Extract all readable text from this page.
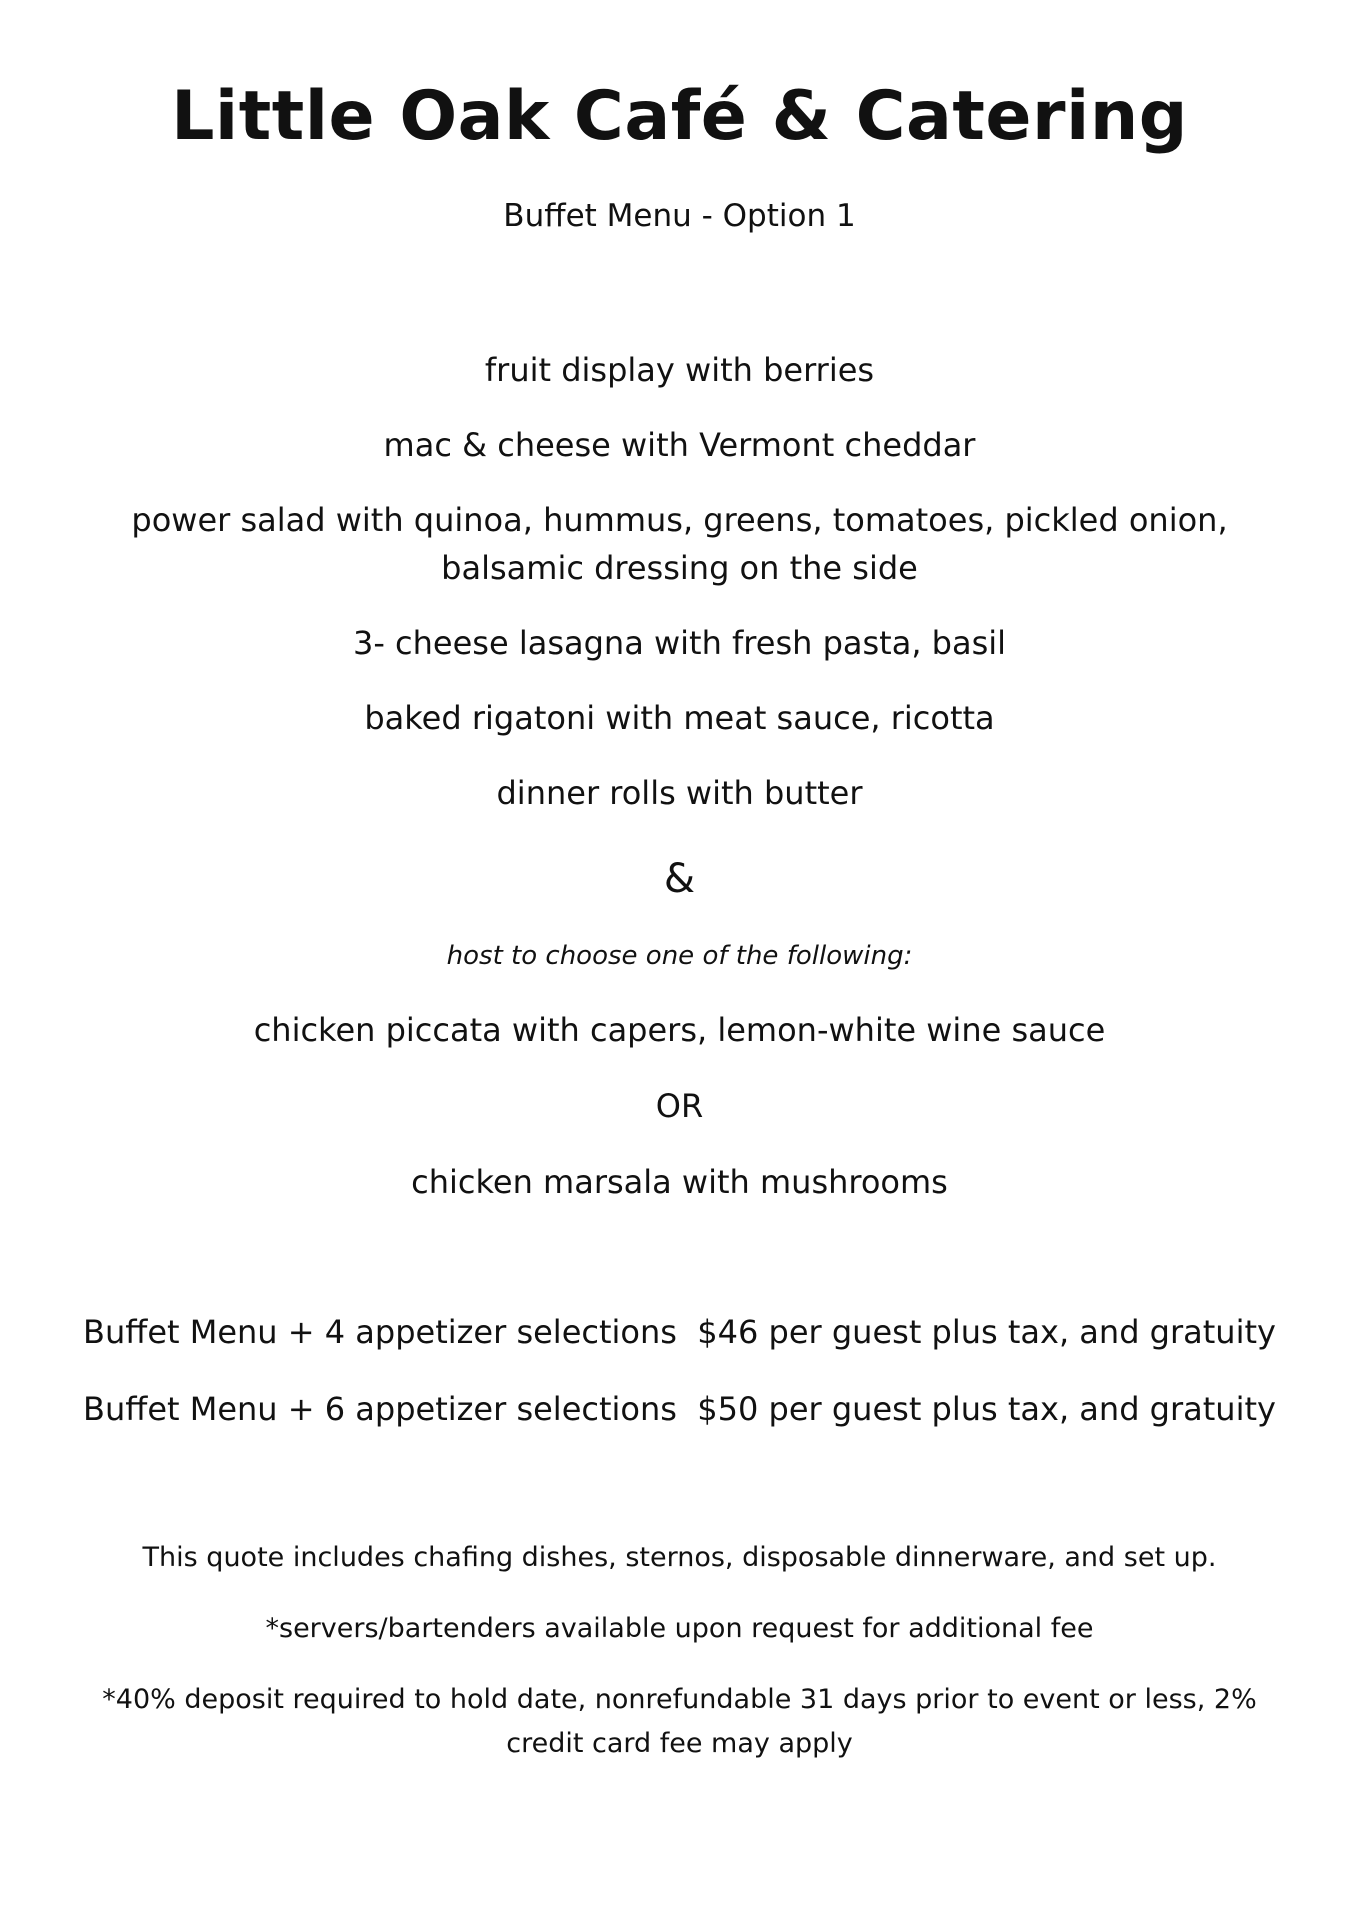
Little Oak Café & Catering
Buffet Menu - Option 1
fruit display with berries
mac & cheese with Vermont cheddar
power salad with quinoa, hummus, greens, tomatoes, pickled onion, balsamic dressing on the side
3- cheese lasagna with fresh pasta, basil
baked rigatoni with meat sauce, ricotta
dinner rolls with butter
&
host to choose one of the following:
chicken piccata with capers, lemon-white wine sauce
OR
chicken marsala with mushrooms
Buffet Menu + 4 appetizer selections  $46 per guest plus tax, and gratuity
Buffet Menu + 6 appetizer selections  $50 per guest plus tax, and gratuity
This quote includes chafing dishes, sternos, disposable dinnerware, and set up.
*servers/bartenders available upon request for additional fee
*40% deposit required to hold date, nonrefundable 31 days prior to event or less, 2% credit card fee may apply
